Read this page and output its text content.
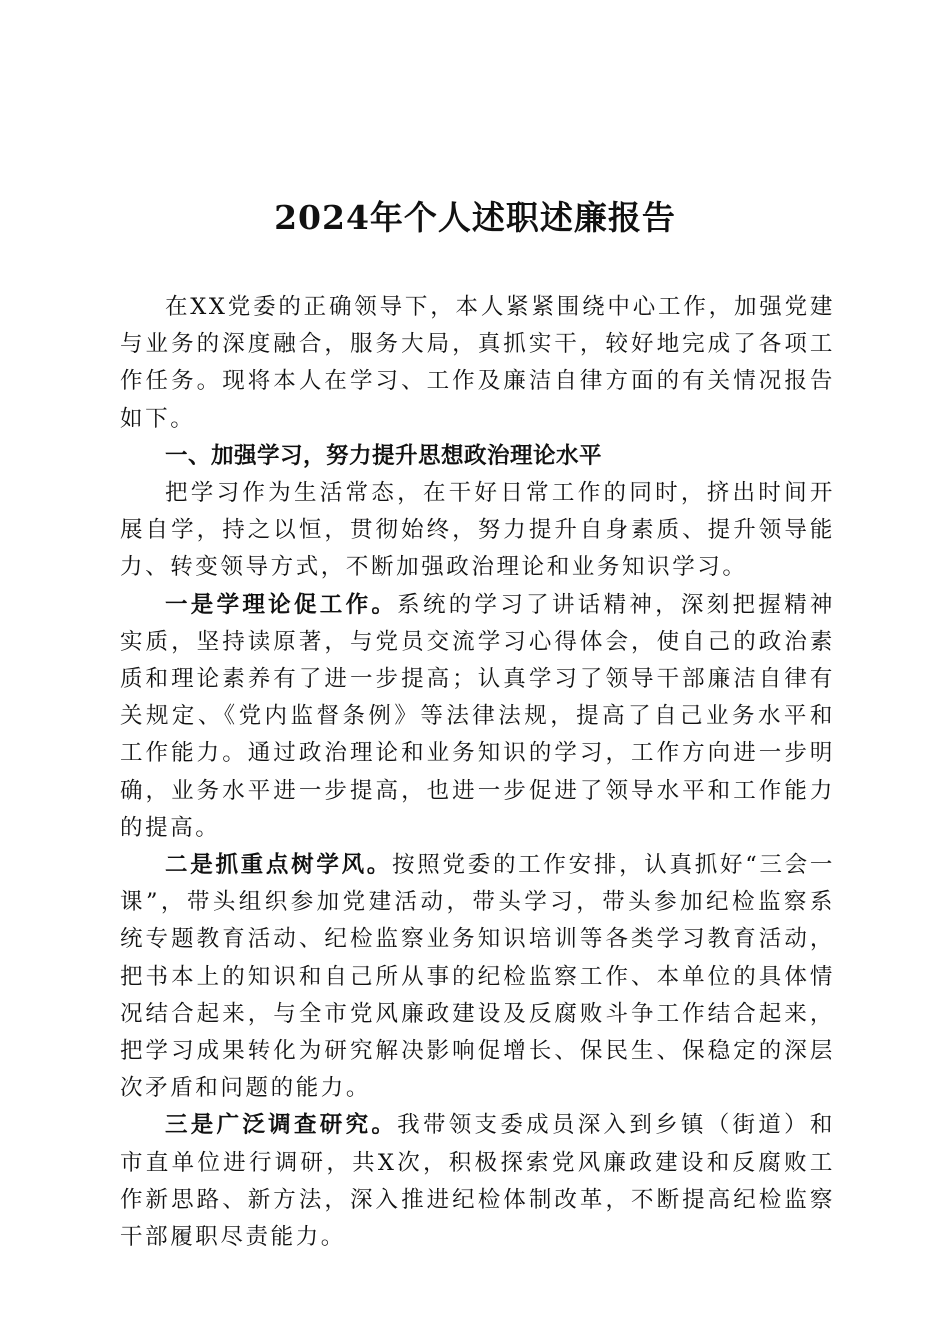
2024年个人述职述廉报告

在XX党委的正确领导下，本人紧紧围绕中心工作，加强党建与业务的深度融合，服务大局，真抓实干，较好地完成了各项工作任务。现将本人在学习、工作及廉洁自律方面的有关情况报告如下。

一、加强学习，努力提升思想政治理论水平

把学习作为生活常态，在干好日常工作的同时，挤出时间开展自学，持之以恒，贯彻始终，努力提升自身素质、提升领导能力、转变领导方式，不断加强政治理论和业务知识学习。

一是学理论促工作。系统的学习了讲话精神，深刻把握精神实质，坚持读原著，与党员交流学习心得体会，使自己的政治素质和理论素养有了进一步提高；认真学习了领导干部廉洁自律有关规定、《党内监督条例》等法律法规，提高了自己业务水平和工作能力。通过政治理论和业务知识的学习，工作方向进一步明确，业务水平进一步提高，也进一步促进了领导水平和工作能力的提高。

二是抓重点树学风。按照党委的工作安排，认真抓好“三会一课”，带头组织参加党建活动，带头学习，带头参加纪检监察系统专题教育活动、纪检监察业务知识培训等各类学习教育活动，把书本上的知识和自己所从事的纪检监察工作、本单位的具体情况结合起来，与全市党风廉政建设及反腐败斗争工作结合起来，把学习成果转化为研究解决影响促增长、保民生、保稳定的深层次矛盾和问题的能力。

三是广泛调查研究。我带领支委成员深入到乡镇（街道）和市直单位进行调研，共X次，积极探索党风廉政建设和反腐败工作新思路、新方法，深入推进纪检体制改革，不断提高纪检监察干部履职尽责能力。
